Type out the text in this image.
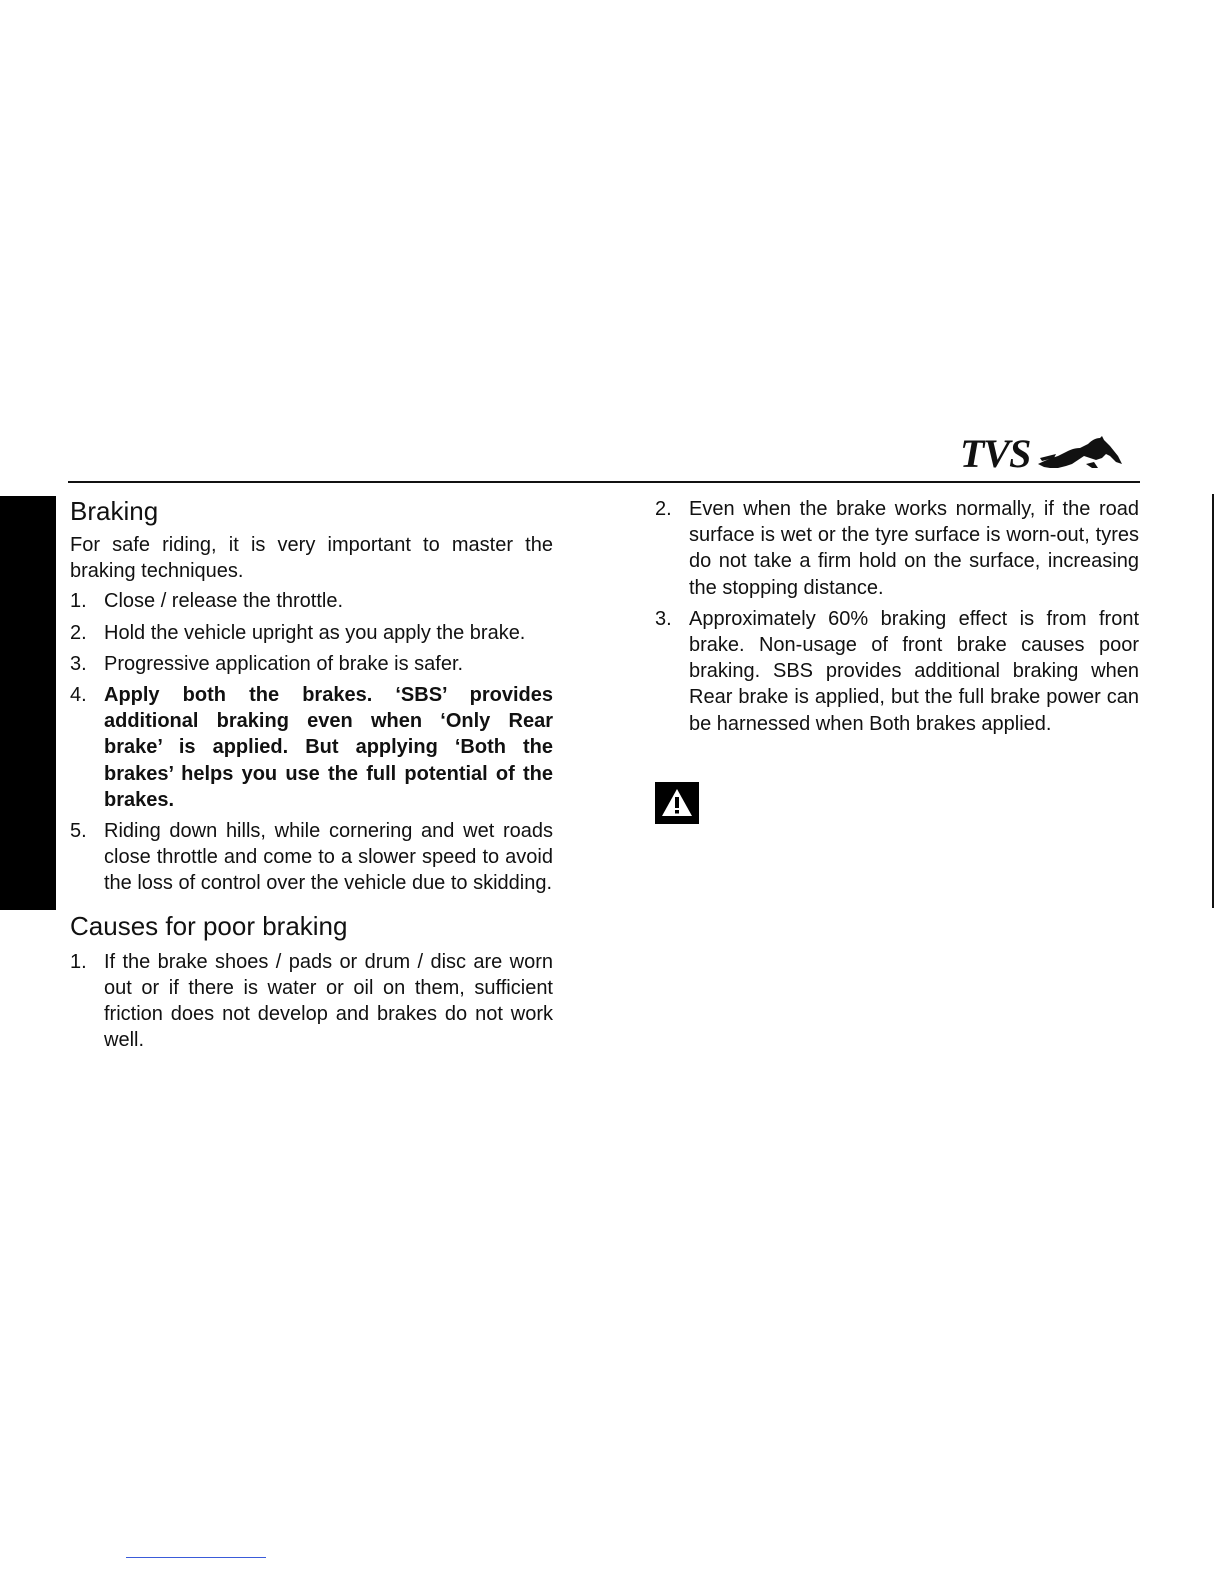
TVS
Braking

For safe riding, it is very important to master the braking techniques.

1. Close / release the throttle.
2. Hold the vehicle upright as you apply the brake.
3. Progressive application of brake is safer.
4. Apply both the brakes. ‘SBS’ provides additional braking even when ‘Only Rear brake’ is applied. But applying ‘Both the brakes’ helps you use the full potential of the brakes.
5. Riding down hills, while cornering and wet roads close throttle and come to a slower speed to avoid the loss of control over the vehicle due to skidding.
Causes for poor braking
1. If the brake shoes / pads or drum / disc are worn out or if there is water or oil on them, sufficient friction does not develop and brakes do not work well.
2. Even when the brake works normally, if the road surface is wet or the tyre surface is worn-out, tyres do not take a firm hold on the surface, increasing the stopping distance.
3. Approximately 60% braking effect is from front brake. Non-usage of front brake causes poor braking. SBS provides additional braking when Rear brake is applied, but the full brake power can be harnessed when Both brakes applied.
